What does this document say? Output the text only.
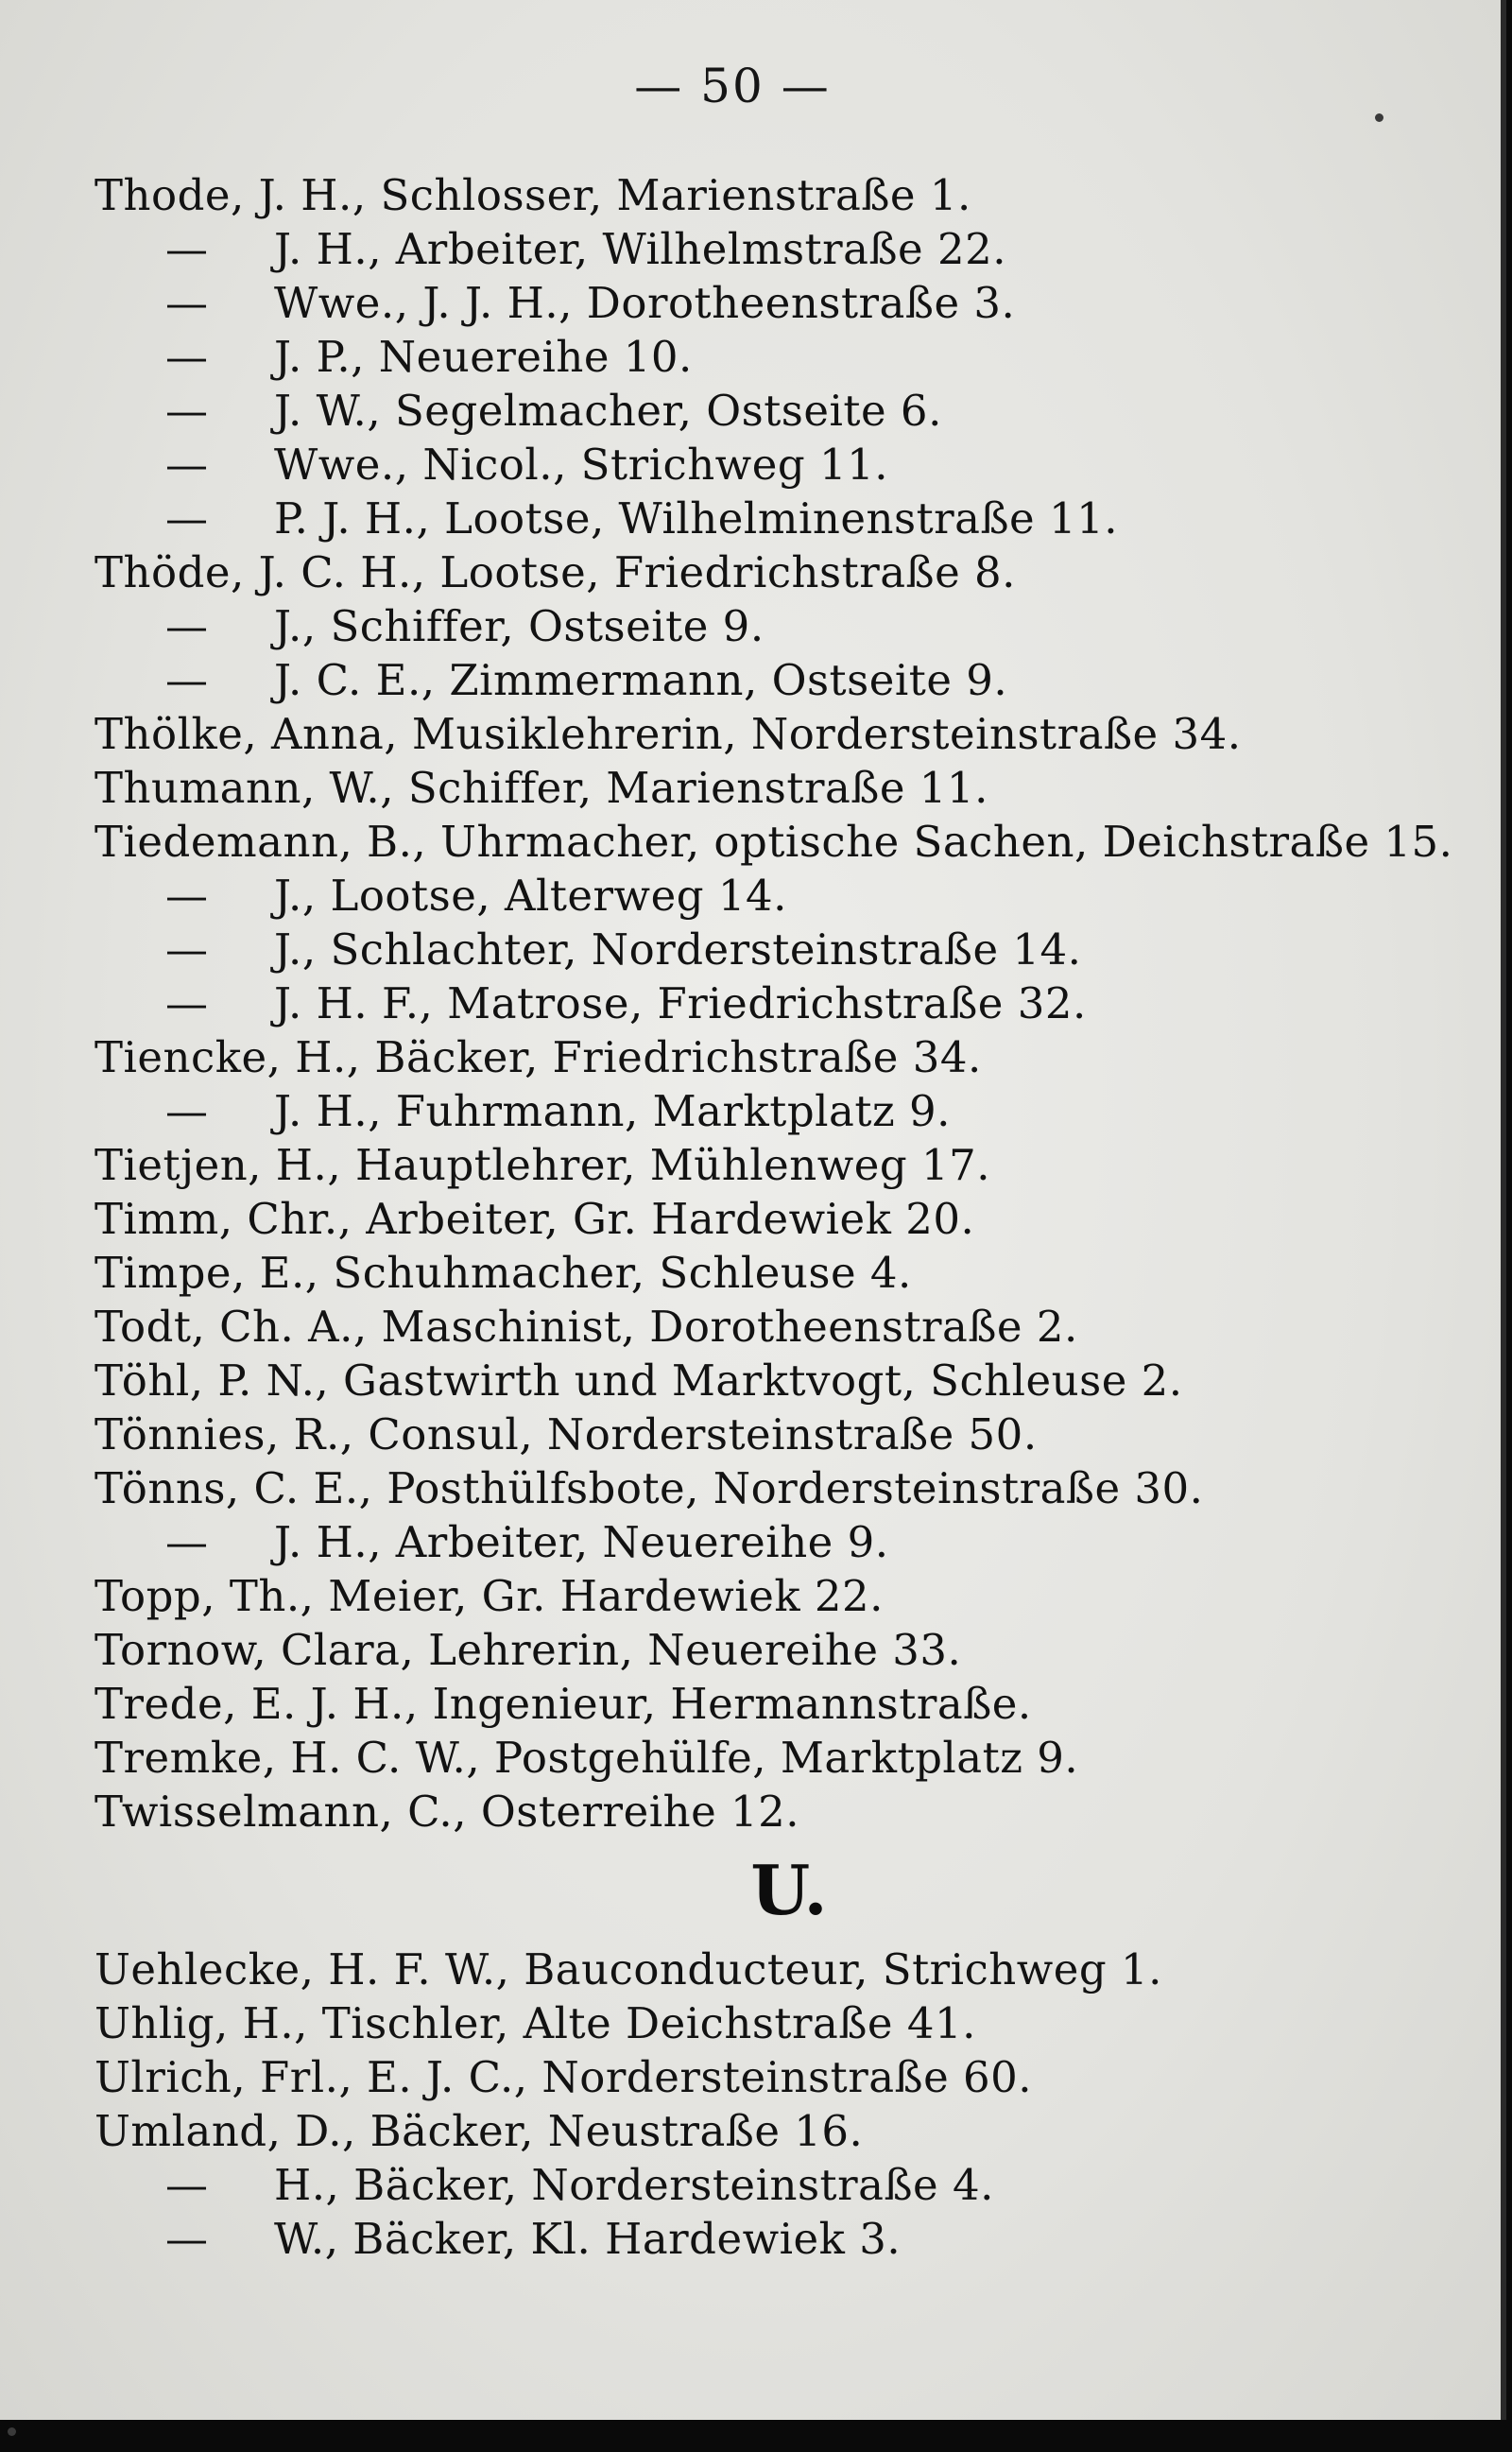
— 50 —
Thode, J. H., Schlosser, Marienstraße 1.
— J. H., Arbeiter, Wilhelmstraße 22.
— Wwe., J. J. H., Dorotheenstraße 3.
— J. P., Neuereihe 10.
— J. W., Segelmacher, Ostseite 6.
— Wwe., Nicol., Strichweg 11.
— P. J. H., Lootse, Wilhelminenstraße 11.
Thöde, J. C. H., Lootse, Friedrichstraße 8.
— J., Schiffer, Ostseite 9.
— J. C. E., Zimmermann, Ostseite 9.
Thölke, Anna, Musiklehrerin, Nordersteinstraße 34.
Thumann, W., Schiffer, Marienstraße 11.
Tiedemann, B., Uhrmacher, optische Sachen, Deichstraße 15.
— J., Lootse, Alterweg 14.
— J., Schlachter, Nordersteinstraße 14.
— J. H. F., Matrose, Friedrichstraße 32.
Tiencke, H., Bäcker, Friedrichstraße 34.
— J. H., Fuhrmann, Marktplatz 9.
Tietjen, H., Hauptlehrer, Mühlenweg 17.
Timm, Chr., Arbeiter, Gr. Hardewiek 20.
Timpe, E., Schuhmacher, Schleuse 4.
Todt, Ch. A., Maschinist, Dorotheenstraße 2.
Töhl, P. N., Gastwirth und Marktvogt, Schleuse 2.
Tönnies, R., Consul, Nordersteinstraße 50.
Tönns, C. E., Posthülfsbote, Nordersteinstraße 30.
— J. H., Arbeiter, Neuereihe 9.
Topp, Th., Meier, Gr. Hardewiek 22.
Tornow, Clara, Lehrerin, Neuereihe 33.
Trede, E. J. H., Ingenieur, Hermannstraße.
Tremke, H. C. W., Postgehülfe, Marktplatz 9.
Twisselmann, C., Osterreihe 12.
U.
Uehlecke, H. F. W., Bauconducteur, Strichweg 1.
Uhlig, H., Tischler, Alte Deichstraße 41.
Ulrich, Frl., E. J. C., Nordersteinstraße 60.
Umland, D., Bäcker, Neustraße 16.
— H., Bäcker, Nordersteinstraße 4.
— W., Bäcker, Kl. Hardewiek 3.
